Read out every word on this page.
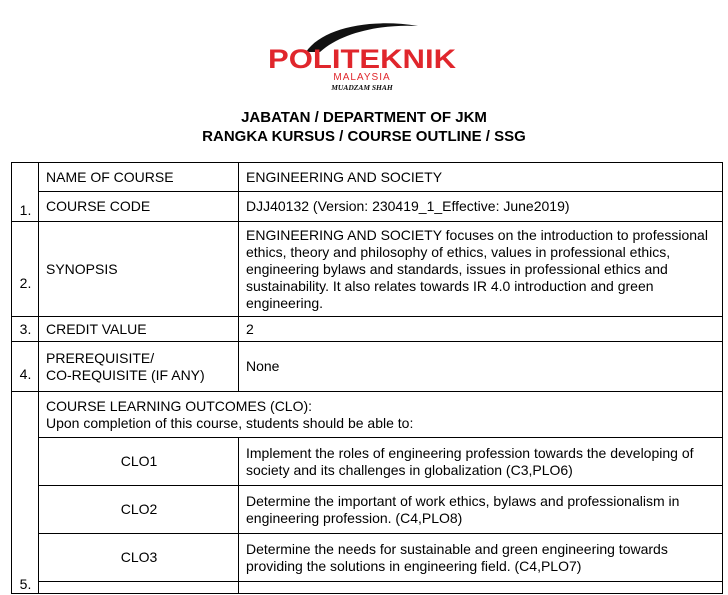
POLITEKNIK
MALAYSIA
MUADZAM SHAH
JABATAN / DEPARTMENT OF JKM
RANGKA KURSUS / COURSE OUTLINE / SSG
1.	NAME OF COURSE	ENGINEERING AND SOCIETY
	COURSE CODE	DJJ40132 (Version: 230419_1_Effective: June2019)
2.	SYNOPSIS	ENGINEERING AND SOCIETY focuses on the introduction to professional ethics, theory and philosophy of ethics, values in professional ethics, engineering bylaws and standards, issues in professional ethics and sustainability. It also relates towards IR 4.0 introduction and green engineering.
3.	CREDIT VALUE	2
4.	PREREQUISITE/
CO-REQUISITE (IF ANY)	None
5.	COURSE LEARNING OUTCOMES (CLO):
Upon completion of this course, students should be able to:	

	CLO1	Implement the roles of engineering profession towards the developing of society and its challenges in globalization (C3,PLO6)
	CLO2	Determine the important of work ethics, bylaws and professionalism in engineering profession. (C4,PLO8)
	CLO3	Determine the needs for sustainable and green engineering towards providing the solutions in engineering field. (C4,PLO7)
